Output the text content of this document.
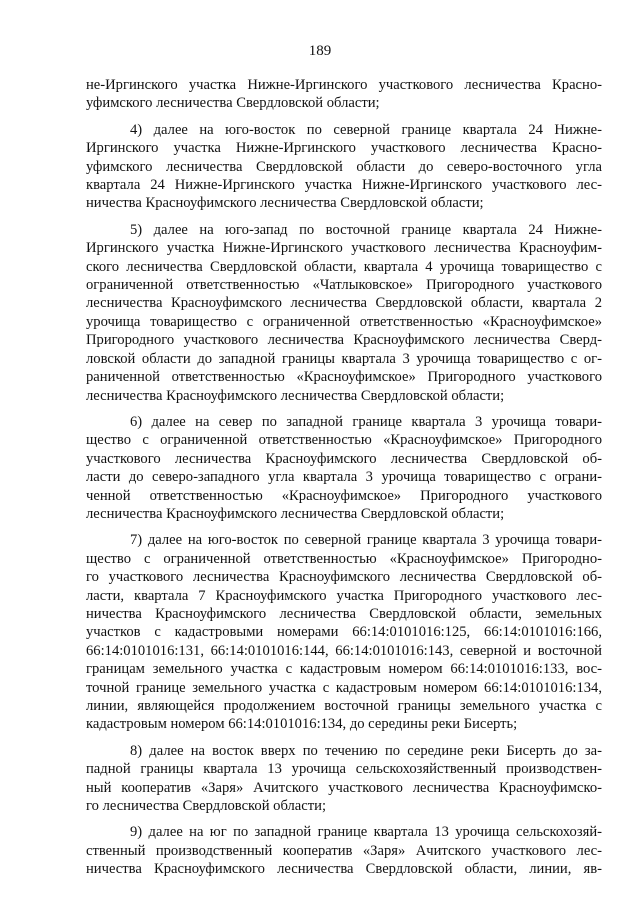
189
не-Иргинского участка Нижне-Иргинского участкового лесничества Красно-
уфимского лесничества Свердловской области;
4) далее на юго-восток по северной границе квартала 24 Нижне-
Иргинского участка Нижне-Иргинского участкового лесничества Красно-
уфимского лесничества Свердловской области до северо-восточного угла
квартала 24 Нижне-Иргинского участка Нижне-Иргинского участкового лес-
ничества Красноуфимского лесничества Свердловской области;
5) далее на юго-запад по восточной границе квартала 24 Нижне-
Иргинского участка Нижне-Иргинского участкового лесничества Красноуфим-
ского лесничества Свердловской области, квартала 4 урочища товарищество с
ограниченной ответственностью «Чатлыковское» Пригородного участкового
лесничества Красноуфимского лесничества Свердловской области, квартала 2
урочища товарищество с ограниченной ответственностью «Красноуфимское»
Пригородного участкового лесничества Красноуфимского лесничества Сверд-
ловской области до западной границы квартала 3 урочища товарищество с ог-
раниченной ответственностью «Красноуфимское» Пригородного участкового
лесничества Красноуфимского лесничества Свердловской области;
6) далее на север по западной границе квартала 3 урочища товари-
щество с ограниченной ответственностью «Красноуфимское» Пригородного
участкового лесничества Красноуфимского лесничества Свердловской об-
ласти до северо-западного угла квартала 3 урочища товарищество с ограни-
ченной ответственностью «Красноуфимское» Пригородного участкового
лесничества Красноуфимского лесничества Свердловской области;
7) далее на юго-восток по северной границе квартала 3 урочища товари-
щество с ограниченной ответственностью «Красноуфимское» Пригородно-
го участкового лесничества Красноуфимского лесничества Свердловской об-
ласти, квартала 7 Красноуфимского участка Пригородного участкового лес-
ничества Красноуфимского лесничества Свердловской области, земельных
участков с кадастровыми номерами 66:14:0101016:125, 66:14:0101016:166,
66:14:0101016:131, 66:14:0101016:144, 66:14:0101016:143, северной и восточной
границам земельного участка с кадастровым номером 66:14:0101016:133, вос-
точной границе земельного участка с кадастровым номером 66:14:0101016:134,
линии, являющейся продолжением восточной границы земельного участка с
кадастровым номером 66:14:0101016:134, до середины реки Бисерть;
8) далее на восток вверх по течению по середине реки Бисерть до за-
падной границы квартала 13 урочища сельскохозяйственный производствен-
ный кооператив «Заря» Ачитского участкового лесничества Красноуфимско-
го лесничества Свердловской области;
9) далее на юг по западной границе квартала 13 урочища сельскохозяй-
ственный производственный кооператив «Заря» Ачитского участкового лес-
ничества Красноуфимского лесничества Свердловской области, линии, яв-
